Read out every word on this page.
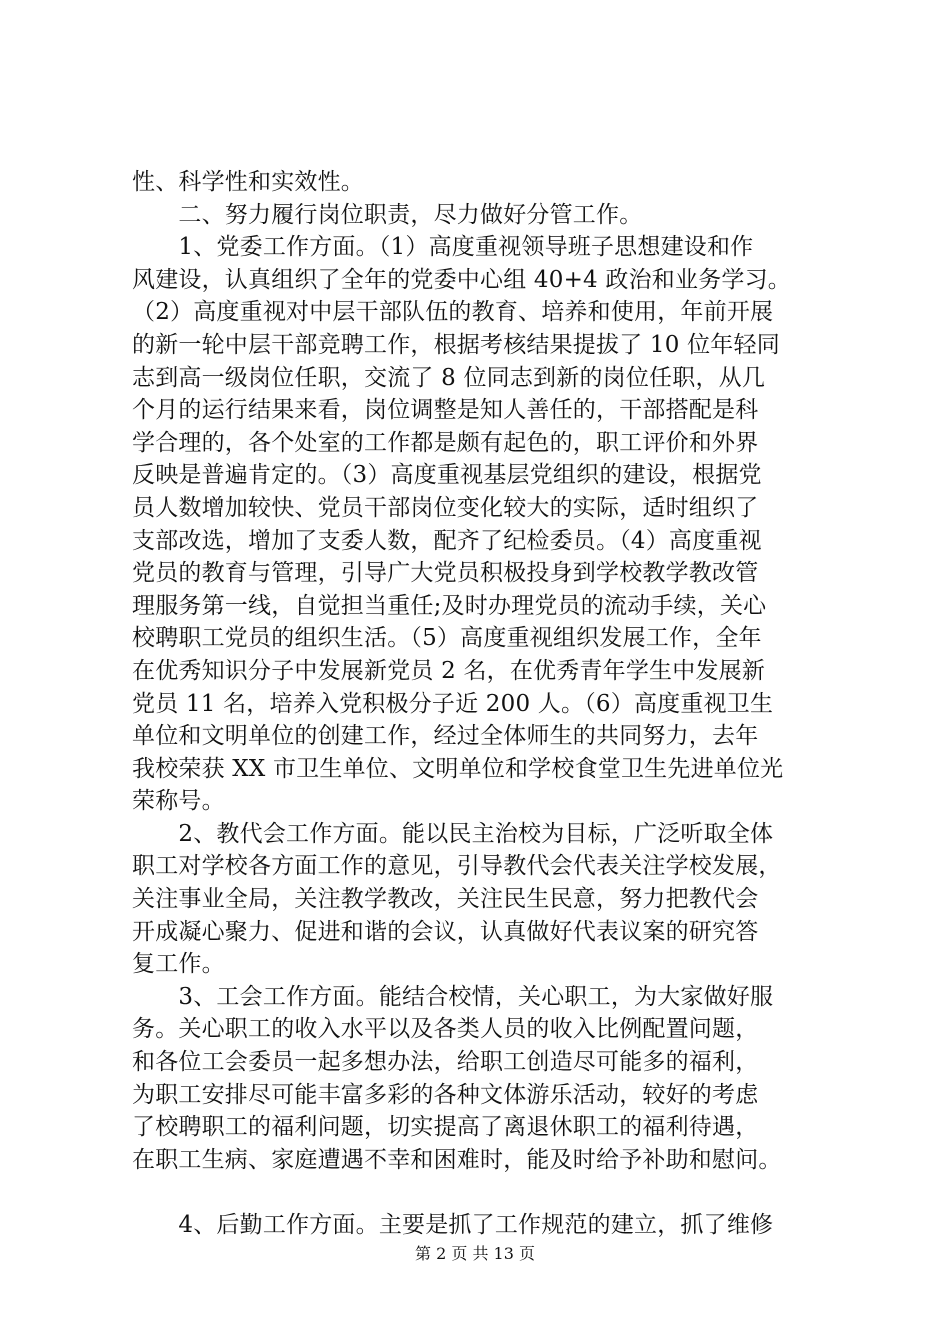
性、科学性和实效性。
　　二、努力履行岗位职责，尽力做好分管工作。
　　1、党委工作方面。（1）高度重视领导班子思想建设和作
风建设，认真组织了全年的党委中心组 40+4 政治和业务学习。
（2）高度重视对中层干部队伍的教育、培养和使用，年前开展
的新一轮中层干部竞聘工作，根据考核结果提拔了 10 位年轻同
志到高一级岗位任职，交流了 8 位同志到新的岗位任职，从几
个月的运行结果来看，岗位调整是知人善任的，干部搭配是科
学合理的，各个处室的工作都是颇有起色的，职工评价和外界
反映是普遍肯定的。（3）高度重视基层党组织的建设，根据党
员人数增加较快、党员干部岗位变化较大的实际，适时组织了
支部改选，增加了支委人数，配齐了纪检委员。（4）高度重视
党员的教育与管理，引导广大党员积极投身到学校教学教改管
理服务第一线，自觉担当重任;及时办理党员的流动手续，关心
校聘职工党员的组织生活。（5）高度重视组织发展工作，全年
在优秀知识分子中发展新党员 2 名，在优秀青年学生中发展新
党员 11 名，培养入党积极分子近 200 人。（6）高度重视卫生
单位和文明单位的创建工作，经过全体师生的共同努力，去年
我校荣获 XX 市卫生单位、文明单位和学校食堂卫生先进单位光
荣称号。
　　2、教代会工作方面。能以民主治校为目标，广泛听取全体
职工对学校各方面工作的意见，引导教代会代表关注学校发展，
关注事业全局，关注教学教改，关注民生民意，努力把教代会
开成凝心聚力、促进和谐的会议，认真做好代表议案的研究答
复工作。
　　3、工会工作方面。能结合校情，关心职工，为大家做好服
务。关心职工的收入水平以及各类人员的收入比例配置问题，
和各位工会委员一起多想办法，给职工创造尽可能多的福利，
为职工安排尽可能丰富多彩的各种文体游乐活动，较好的考虑
了校聘职工的福利问题，切实提高了离退休职工的福利待遇，
在职工生病、家庭遭遇不幸和困难时，能及时给予补助和慰问。
　　4、后勤工作方面。主要是抓了工作规范的建立，抓了维修
第 2 页 共 13 页
